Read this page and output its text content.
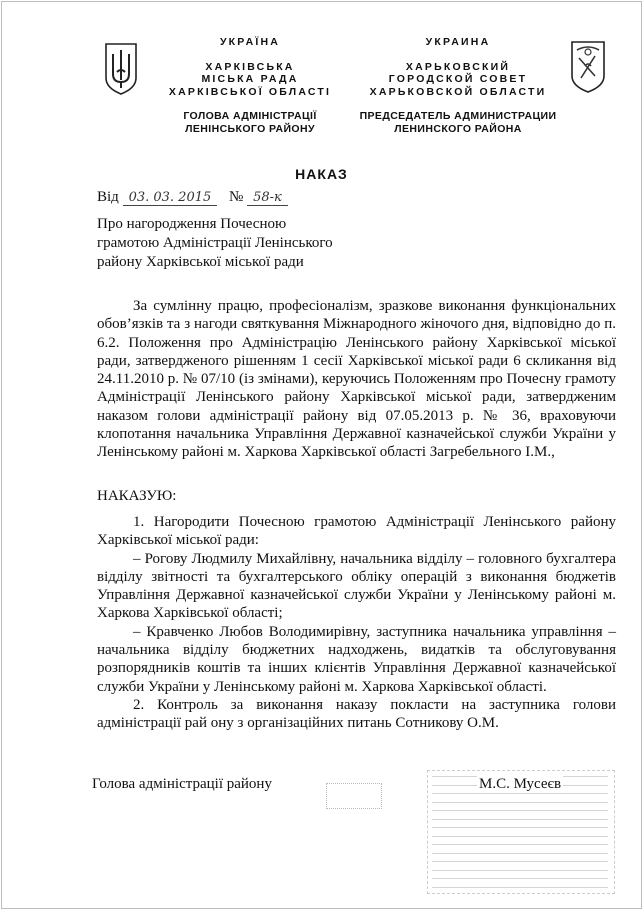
УКРАЇНА
ХАРКІВСЬКА
МІСЬКА РАДА
ХАРКІВСЬКОЇ ОБЛАСТІ
ГОЛОВА АДМІНІСТРАЦІЇ
ЛЕНІНСЬКОГО РАЙОНУ
УКРАИНА
ХАРЬКОВСКИЙ
ГОРОДСКОЙ СОВЕТ
ХАРЬКОВСКОЙ ОБЛАСТИ
ПРЕДСЕДАТЕЛЬ АДМИНИСТРАЦИИ
ЛЕНИНСКОГО РАЙОНА
НАКАЗ
Від 03. 03. 2015 № 58-к
Про нагородження Почесною
грамотою Адміністрації Ленінського
району Харківської міської ради
За сумлінну працю, професіоналізм, зразкове виконання функціональних обов’язків та з нагоди святкування Міжнародного жіночого дня, відповідно до п. 6.2. Положення про Адміністрацію Ленінського району Харківської міської ради, затвердженого рішенням 1 сесії Харківської міської ради 6 скликання від 24.11.2010 р. № 07/10 (із змінами), керуючись Положенням про Почесну грамоту Адміністрації Ленінського району Харківської міської ради, затвердженим наказом голови адміністрації району від 07.05.2013 р. № 36, враховуючи клопотання начальника Управління Державної казначейської служби України у Ленінському районі м. Харкова Харківської області Загребельного І.М.,
НАКАЗУЮ:

1. Нагородити Почесною грамотою Адміністрації Ленінського району Харківської міської ради:

– Рогову Людмилу Михайлівну, начальника відділу – головного бухгалтера відділу звітності та бухгалтерського обліку операцій з виконання бюджетів Управління Державної казначейської служби України у Ленінському районі м. Харкова Харківської області;

– Кравченко Любов Володимирівну, заступника начальника управління – начальника відділу бюджетних надходжень, видатків та обслуговування розпорядників коштів та інших клієнтів Управління Державної казначейської служби України у Ленінському районі м. Харкова Харківської області.

2. Контроль за виконання наказу покласти на заступника голови адміністрації рай ону з організаційних питань Сотникову О.М.

Голова адміністрації району	М.С. Мусеєв
